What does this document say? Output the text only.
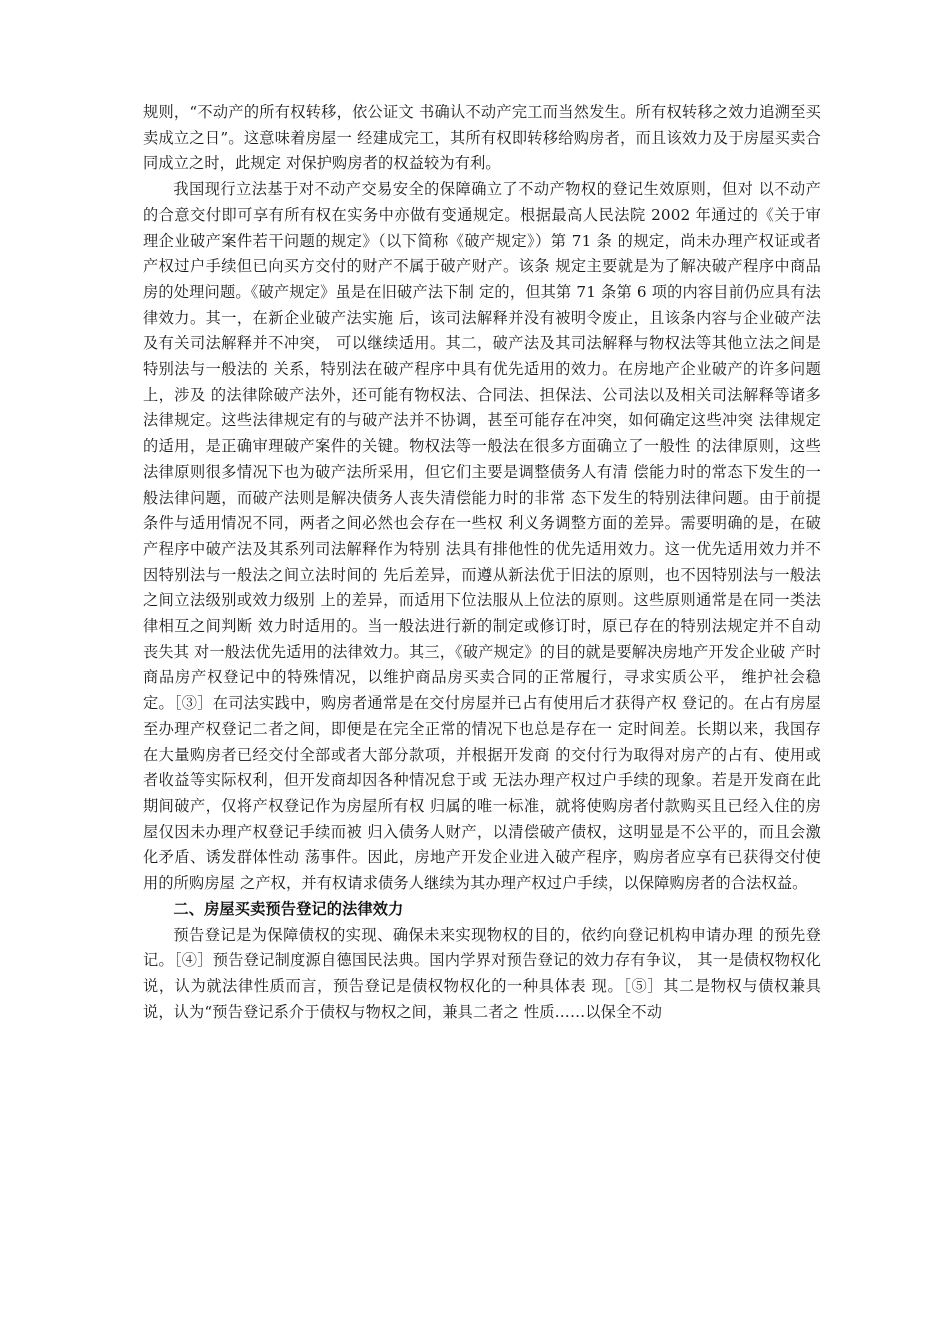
规则，“不动产的所有权转移，依公证文 书确认不动产完工而当然发生。所有权转移之效力追溯至买卖成立之日”。这意味着房屋一 经建成完工，其所有权即转移给购房者，而且该效力及于房屋买卖合同成立之时，此规定 对保护购房者的权益较为有利。

我国现行立法基于对不动产交易安全的保障确立了不动产物权的登记生效原则，但对 以不动产的合意交付即可享有所有权在实务中亦做有变通规定。根据最高人民法院 2002 年通过的《关于审理企业破产案件若干问题的规定》（以下简称《破产规定》）第 71 条 的规定，尚未办理产权证或者产权过户手续但已向买方交付的财产不属于破产财产。该条 规定主要就是为了解决破产程序中商品房的处理问题。《破产规定》虽是在旧破产法下制 定的，但其第 71 条第 6 项的内容目前仍应具有法律效力。其一，在新企业破产法实施 后，该司法解释并没有被明令废止，且该条内容与企业破产法及有关司法解释并不冲突， 可以继续适用。其二，破产法及其司法解释与物权法等其他立法之间是特别法与一般法的 关系，特别法在破产程序中具有优先适用的效力。在房地产企业破产的许多问题上，涉及 的法律除破产法外，还可能有物权法、合同法、担保法、公司法以及相关司法解释等诸多 法律规定。这些法律规定有的与破产法并不协调，甚至可能存在冲突，如何确定这些冲突 法律规定的适用，是正确审理破产案件的关键。物权法等一般法在很多方面确立了一般性 的法律原则，这些法律原则很多情况下也为破产法所采用，但它们主要是调整债务人有清 偿能力时的常态下发生的一般法律问题，而破产法则是解决债务人丧失清偿能力时的非常 态下发生的特别法律问题。由于前提条件与适用情况不同，两者之间必然也会存在一些权 利义务调整方面的差异。需要明确的是，在破产程序中破产法及其系列司法解释作为特别 法具有排他性的优先适用效力。这一优先适用效力并不因特别法与一般法之间立法时间的 先后差异，而遵从新法优于旧法的原则，也不因特别法与一般法之间立法级别或效力级别 上的差异，而适用下位法服从上位法的原则。这些原则通常是在同一类法律相互之间判断 效力时适用的。当一般法进行新的制定或修订时，原已存在的特别法规定并不自动丧失其 对一般法优先适用的法律效力。其三，《破产规定》的目的就是要解决房地产开发企业破 产时商品房产权登记中的特殊情况，以维护商品房买卖合同的正常履行，寻求实质公平， 维护社会稳定。［③］在司法实践中，购房者通常是在交付房屋并已占有使用后才获得产权 登记的。在占有房屋至办理产权登记二者之间，即便是在完全正常的情况下也总是存在一 定时间差。长期以来，我国存在大量购房者已经交付全部或者大部分款项，并根据开发商 的交付行为取得对房产的占有、使用或者收益等实际权利，但开发商却因各种情况怠于或 无法办理产权过户手续的现象。若是开发商在此期间破产，仅将产权登记作为房屋所有权 归属的唯一标准，就将使购房者付款购买且已经入住的房屋仅因未办理产权登记手续而被 归入债务人财产，以清偿破产债权，这明显是不公平的，而且会激化矛盾、诱发群体性动 荡事件。因此，房地产开发企业进入破产程序，购房者应享有已获得交付使用的所购房屋 之产权，并有权请求债务人继续为其办理产权过户手续，以保障购房者的合法权益。

二、房屋买卖预告登记的法律效力

预告登记是为保障债权的实现、确保未来实现物权的目的，依约向登记机构申请办理 的预先登记。［④］预告登记制度源自德国民法典。国内学界对预告登记的效力存有争议， 其一是债权物权化说，认为就法律性质而言，预告登记是债权物权化的一种具体表 现。［⑤］其二是物权与债权兼具说，认为“预告登记系介于债权与物权之间，兼具二者之 性质……以保全不动
